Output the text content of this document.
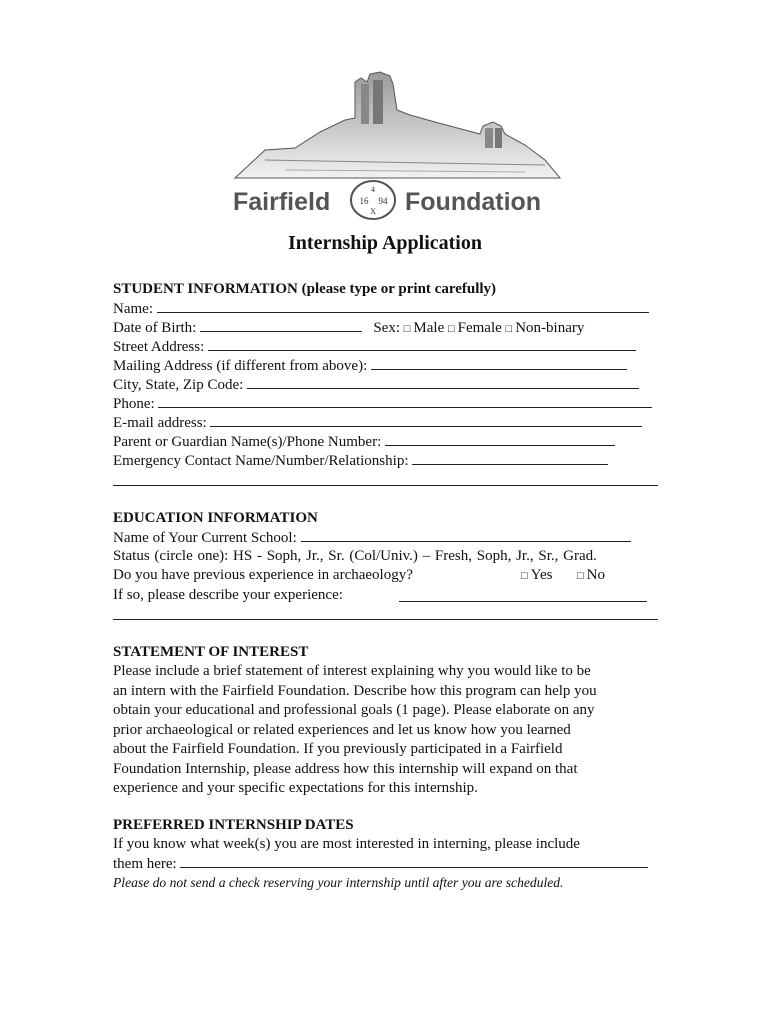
Fairfield	Foundation
4
16 94
X
Internship Application
STUDENT INFORMATION (please type or print carefully)
Name:
Date of Birth:	Sex: □ Male □ Female □ Non-binary
Street Address:
Mailing Address (if different from above):
City, State, Zip Code:
Phone:
E-mail address:
Parent or Guardian Name(s)/Phone Number:
Emergency Contact Name/Number/Relationship:
EDUCATION INFORMATION
Name of Your Current School:
Status (circle one): HS - Soph, Jr., Sr. (Col/Univ.) – Fresh, Soph, Jr., Sr., Grad.
Do you have previous experience in archaeology?	□ Yes □ No
If so, please describe your experience:
STATEMENT OF INTEREST
Please include a brief statement of interest explaining why you would like to be
an intern with the Fairfield Foundation. Describe how this program can help you
obtain your educational and professional goals (1 page). Please elaborate on any
prior archaeological or related experiences and let us know how you learned
about the Fairfield Foundation. If you previously participated in a Fairfield
Foundation Internship, please address how this internship will expand on that
experience and your specific expectations for this internship.
PREFERRED INTERNSHIP DATES
If you know what week(s) you are most interested in interning, please include
them here:
Please do not send a check reserving your internship until after you are scheduled.
